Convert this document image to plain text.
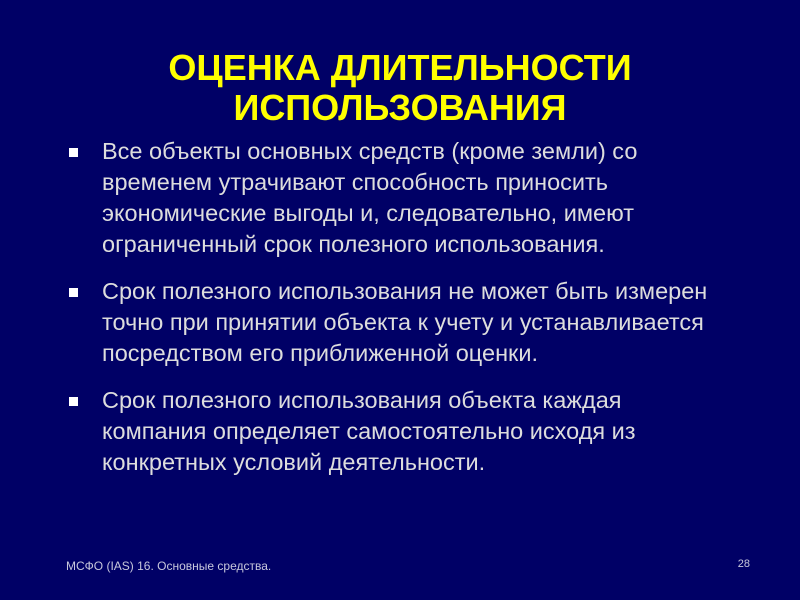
ОЦЕНКА ДЛИТЕЛЬНОСТИ
ИСПОЛЬЗОВАНИЯ
Все объекты основных средств (кроме земли) со временем утрачивают способность приносить экономические выгоды и, следовательно, имеют ограниченный срок полезного использования.
Срок полезного использования не может быть измерен точно при принятии объекта к учету и устанавливается посредством его приближенной оценки.
Срок полезного использования объекта каждая компания определяет самостоятельно исходя из конкретных условий деятельности.
МСФО (IAS) 16. Основные средства.	28
